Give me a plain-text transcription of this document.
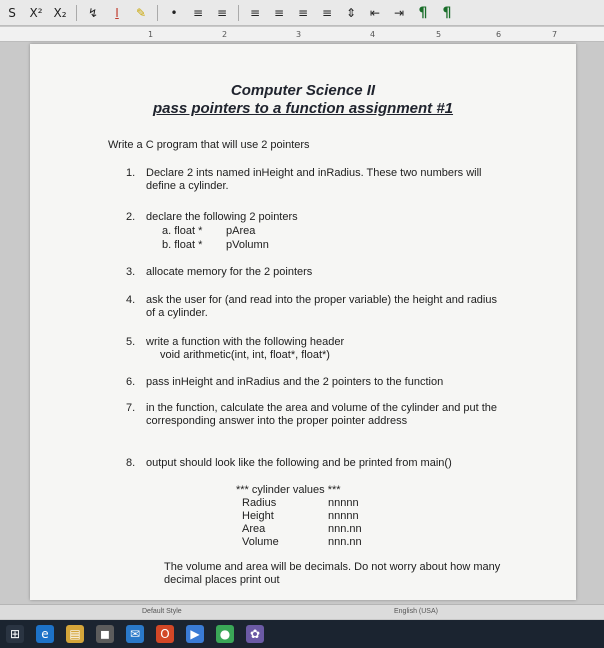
S	X² X₂	↯	I	✎	•	≡	≡	≡	≡	≡	≡	⇕	⇤	⇥	¶	¶
1	2	3	4	5	6	7
Computer Science II
pass pointers to a function assignment #1
Write a C program that will use 2 pointers
1. Declare 2 ints named inHeight and inRadius. These two numbers will define a cylinder.
2. declare the following 2 pointers
a. float * pArea
b. float * pVolumn
3. allocate memory for the 2 pointers
4. ask the user for (and read into the proper variable) the height and radius of a cylinder.
5. write a function with the following header
void arithmetic(int, int, float*, float*)
6. pass inHeight and inRadius and the 2 pointers to the function
7. in the function, calculate the area and volume of the cylinder and put the corresponding answer into the proper pointer address
8. output should look like the following and be printed from main()
*** cylinder values ***
Radius	nnnnn
Height	nnnnn
Area	nnn.nn
Volume	nnn.nn
The volume and area will be decimals. Do not worry about how many decimal places print out
Default Style	English (USA)
⊞	e	▤	◼	✉	O	▶	●	✿
